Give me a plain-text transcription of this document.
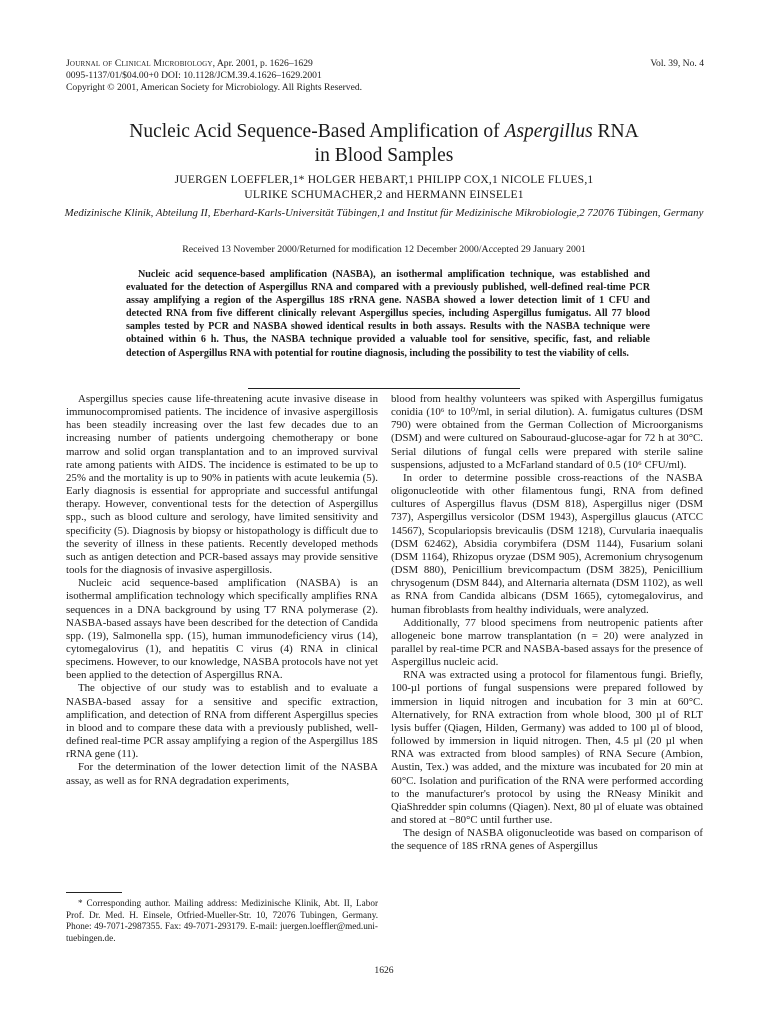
Journal of Clinical Microbiology, Apr. 2001, p. 1626–1629
0095-1137/01/$04.00+0 DOI: 10.1128/JCM.39.4.1626–1629.2001
Copyright © 2001, American Society for Microbiology. All Rights Reserved.
Vol. 39, No. 4
Nucleic Acid Sequence-Based Amplification of Aspergillus RNA
in Blood Samples
JUERGEN LOEFFLER,1* HOLGER HEBART,1 PHILIPP COX,1 NICOLE FLUES,1
ULRIKE SCHUMACHER,2 and HERMANN EINSELE1
Medizinische Klinik, Abteilung II, Eberhard-Karls-Universität Tübingen,1 and Institut für Medizinische Mikrobiologie,2 72076 Tübingen, Germany
Received 13 November 2000/Returned for modification 12 December 2000/Accepted 29 January 2001
Nucleic acid sequence-based amplification (NASBA), an isothermal amplification technique, was established and evaluated for the detection of Aspergillus RNA and compared with a previously published, well-defined real-time PCR assay amplifying a region of the Aspergillus 18S rRNA gene. NASBA showed a lower detection limit of 1 CFU and detected RNA from five different clinically relevant Aspergillus species, including Aspergillus fumigatus. All 77 blood samples tested by PCR and NASBA showed identical results in both assays. Results with the NASBA technique were obtained within 6 h. Thus, the NASBA technique provided a valuable tool for sensitive, specific, fast, and reliable detection of Aspergillus RNA with potential for routine diagnosis, including the possibility to test the viability of cells.

Aspergillus species cause life-threatening acute invasive disease in immunocompromised patients. The incidence of invasive aspergillosis has been steadily increasing over the last few decades due to an increasing number of patients undergoing chemotherapy or bone marrow and solid organ transplantation and to an improved survival rate among patients with AIDS. The incidence is estimated to be up to 25% and the mortality is up to 90% in patients with acute leukemia (5). Early diagnosis is essential for appropriate and successful antifungal therapy. However, conventional tests for the detection of Aspergillus spp., such as blood culture and serology, have limited sensitivity and specificity (5). Diagnosis by biopsy or histopathology is difficult due to the severity of illness in these patients. Recently developed methods such as antigen detection and PCR-based assays may provide sensitive tools for the diagnosis of invasive aspergillosis.

Nucleic acid sequence-based amplification (NASBA) is an isothermal amplification technology which specifically amplifies RNA sequences in a DNA background by using T7 RNA polymerase (2). NASBA-based assays have been described for the detection of Candida spp. (19), Salmonella spp. (15), human immunodeficiency virus (14), cytomegalovirus (1), and hepatitis C virus (4) RNA in clinical specimens. However, to our knowledge, NASBA protocols have not yet been applied to the detection of Aspergillus RNA.

The objective of our study was to establish and to evaluate a NASBA-based assay for a sensitive and specific extraction, amplification, and detection of RNA from different Aspergillus species in blood and to compare these data with a previously published, well-defined real-time PCR assay amplifying a region of the Aspergillus 18S rRNA gene (11).

For the determination of the lower detection limit of the NASBA assay, as well as for RNA degradation experiments,

blood from healthy volunteers was spiked with Aspergillus fumigatus conidia (10⁶ to 10⁰/ml, in serial dilution). A. fumigatus cultures (DSM 790) were obtained from the German Collection of Microorganisms (DSM) and were cultured on Sabouraud-glucose-agar for 72 h at 30°C. Serial dilutions of fungal cells were prepared with sterile saline suspensions, adjusted to a McFarland standard of 0.5 (10⁶ CFU/ml).

In order to determine possible cross-reactions of the NASBA oligonucleotide with other filamentous fungi, RNA from defined cultures of Aspergillus flavus (DSM 818), Aspergillus niger (DSM 737), Aspergillus versicolor (DSM 1943), Aspergillus glaucus (ATCC 14567), Scopulariopsis brevicaulis (DSM 1218), Curvularia inaequalis (DSM 62462), Absidia corymbifera (DSM 1144), Fusarium solani (DSM 1164), Rhizopus oryzae (DSM 905), Acremonium chrysogenum (DSM 880), Penicillium brevicompactum (DSM 3825), Penicillium chrysogenum (DSM 844), and Alternaria alternata (DSM 1102), as well as RNA from Candida albicans (DSM 1665), cytomegalovirus, and human fibroblasts from healthy individuals, were analyzed.

Additionally, 77 blood specimens from neutropenic patients after allogeneic bone marrow transplantation (n = 20) were analyzed in parallel by real-time PCR and NASBA-based assays for the presence of Aspergillus nucleic acid.

RNA was extracted using a protocol for filamentous fungi. Briefly, 100-µl portions of fungal suspensions were prepared followed by immersion in liquid nitrogen and incubation for 3 min at 60°C. Alternatively, for RNA extraction from whole blood, 300 µl of RLT lysis buffer (Qiagen, Hilden, Germany) was added to 100 µl of blood, followed by immersion in liquid nitrogen. Then, 4.5 µl (20 µl when RNA was extracted from blood samples) of RNA Secure (Ambion, Austin, Tex.) was added, and the mixture was incubated for 20 min at 60°C. Isolation and purification of the RNA were performed according to the manufacturer's protocol by using the RNeasy Minikit and QiaShredder spin columns (Qiagen). Next, 80 µl of eluate was obtained and stored at −80°C until further use.

The design of NASBA oligonucleotide was based on comparison of the sequence of 18S rRNA genes of Aspergillus

* Corresponding author. Mailing address: Medizinische Klinik, Abt. II, Labor Prof. Dr. Med. H. Einsele, Otfried-Mueller-Str. 10, 72076 Tubingen, Germany. Phone: 49-7071-2987355. Fax: 49-7071-293179. E-mail: juergen.loeffler@med.uni-tuebingen.de.

1626
